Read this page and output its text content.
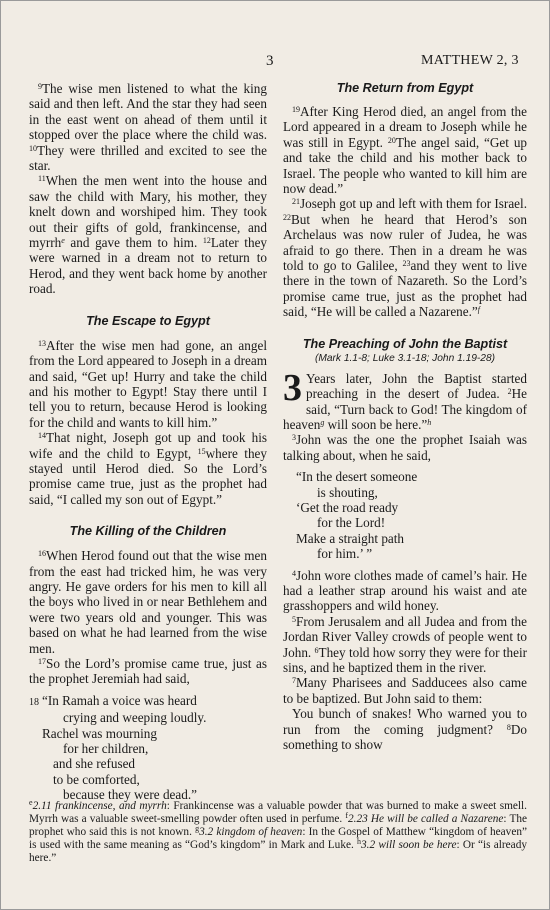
3	MATTHEW 2, 3

$^9$The wise men listened to what the king said and then left. And the star they had seen in the east went on ahead of them until it stopped over the place where the child was. $^{10}$They were thrilled and excited to see the star.

$^{11}$When the men went into the house and saw the child with Mary, his mother, they knelt down and worshiped him. They took out their gifts of gold, frankincense, and myrrh$^e$ and gave them to him. $^{12}$Later they were warned in a dream not to return to Herod, and they went back home by another road.

The Escape to Egypt

$^{13}$After the wise men had gone, an angel from the Lord appeared to Joseph in a dream and said, “Get up! Hurry and take the child and his mother to Egypt! Stay there until I tell you to return, because Herod is looking for the child and wants to kill him.”

$^{14}$That night, Joseph got up and took his wife and the child to Egypt, $^{15}$where they stayed until Herod died. So the Lord’s promise came true, just as the prophet had said, “I called my son out of Egypt.”

The Killing of the Children

$^{16}$When Herod found out that the wise men from the east had tricked him, he was very angry. He gave orders for his men to kill all the boys who lived in or near Bethlehem and were two years old and younger. This was based on what he had learned from the wise men.

$^{17}$So the Lord’s promise came true, just as the prophet Jeremiah had said,

18 “In Ramah a voice was heard
crying and weeping loudly.
Rachel was mourning
for her children,
and she refused
to be comforted,
because they were dead.”
The Return from Egypt

$^{19}$After King Herod died, an angel from the Lord appeared in a dream to Joseph while he was still in Egypt. $^{20}$The angel said, “Get up and take the child and his mother back to Israel. The people who wanted to kill him are now dead.”

$^{21}$Joseph got up and left with them for Israel. $^{22}$But when he heard that Herod’s son Archelaus was now ruler of Judea, he was afraid to go there. Then in a dream he was told to go to Galilee, $^{23}$and they went to live there in the town of Nazareth. So the Lord’s promise came true, just as the prophet had said, “He will be called a Nazarene.”$^f$

The Preaching of John the Baptist
(Mark 1.1-8; Luke 3.1-18; John 1.19-28)

3 Years later, John the Baptist started preaching in the desert of Judea. $^2$He said, “Turn back to God! The kingdom of heaven$^g$ will soon be here.”$^h$

$^3$John was the one the prophet Isaiah was talking about, when he said,

“In the desert someone
is shouting,
‘Get the road ready
for the Lord!
Make a straight path
for him.’ ”

$^4$John wore clothes made of camel’s hair. He had a leather strap around his waist and ate grasshoppers and wild honey.

$^5$From Jerusalem and all Judea and from the Jordan River Valley crowds of people went to John. $^6$They told how sorry they were for their sins, and he baptized them in the river.

$^7$Many Pharisees and Sadducees also came to be baptized. But John said to them:

You bunch of snakes! Who warned you to run from the coming judgment? $^8$Do something to show

$^e$2.11 frankincense, and myrrh: Frankincense was a valuable powder that was burned to make a sweet smell. Myrrh was a valuable sweet-smelling powder often used in perfume. $^f$2.23 He will be called a Nazarene: The prophet who said this is not known. $^g$3.2 kingdom of heaven: In the Gospel of Matthew “kingdom of heaven” is used with the same meaning as “God’s kingdom” in Mark and Luke. $^h$3.2 will soon be here: Or “is already here.”
